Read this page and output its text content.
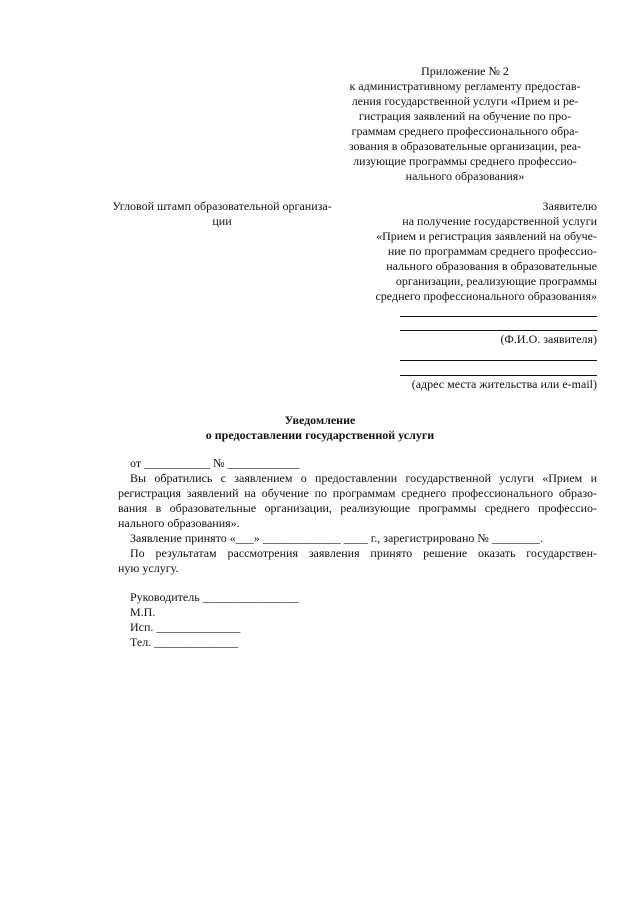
Приложение № 2
к административному регламенту предостав-
ления государственной услуги «Прием и ре-
гистрация заявлений на обучение по про-
граммам среднего профессионального обра-
зования в образовательные организации, реа-
лизующие программы среднего профессио-
нального образования»
Угловой штамп образовательной организа-
ции
Заявителю
на получение государственной услуги
«Прием и регистрация заявлений на обуче-
ние по программам среднего профессио-
нального образования в образовательные
организации, реализующие программы
среднего профессионального образования»
(Ф.И.О. заявителя)
(адрес места жительства или e-mail)
Уведомление
о предоставлении государственной услуги
от ___________ № ____________
Вы обратились с заявлением о предоставлении государственной услуги «Прием и
регистрация заявлений на обучение по программам среднего профессионального образо-
вания в образовательные организации, реализующие программы среднего профессио-
нального образования».
Заявление принято «___» _____________ ____ г., зарегистрировано № ________.
По результатам рассмотрения заявления принято решение оказать государствен-
ную услугу.
Руководитель ________________
М.П.
Исп. ______________
Тел. ______________
